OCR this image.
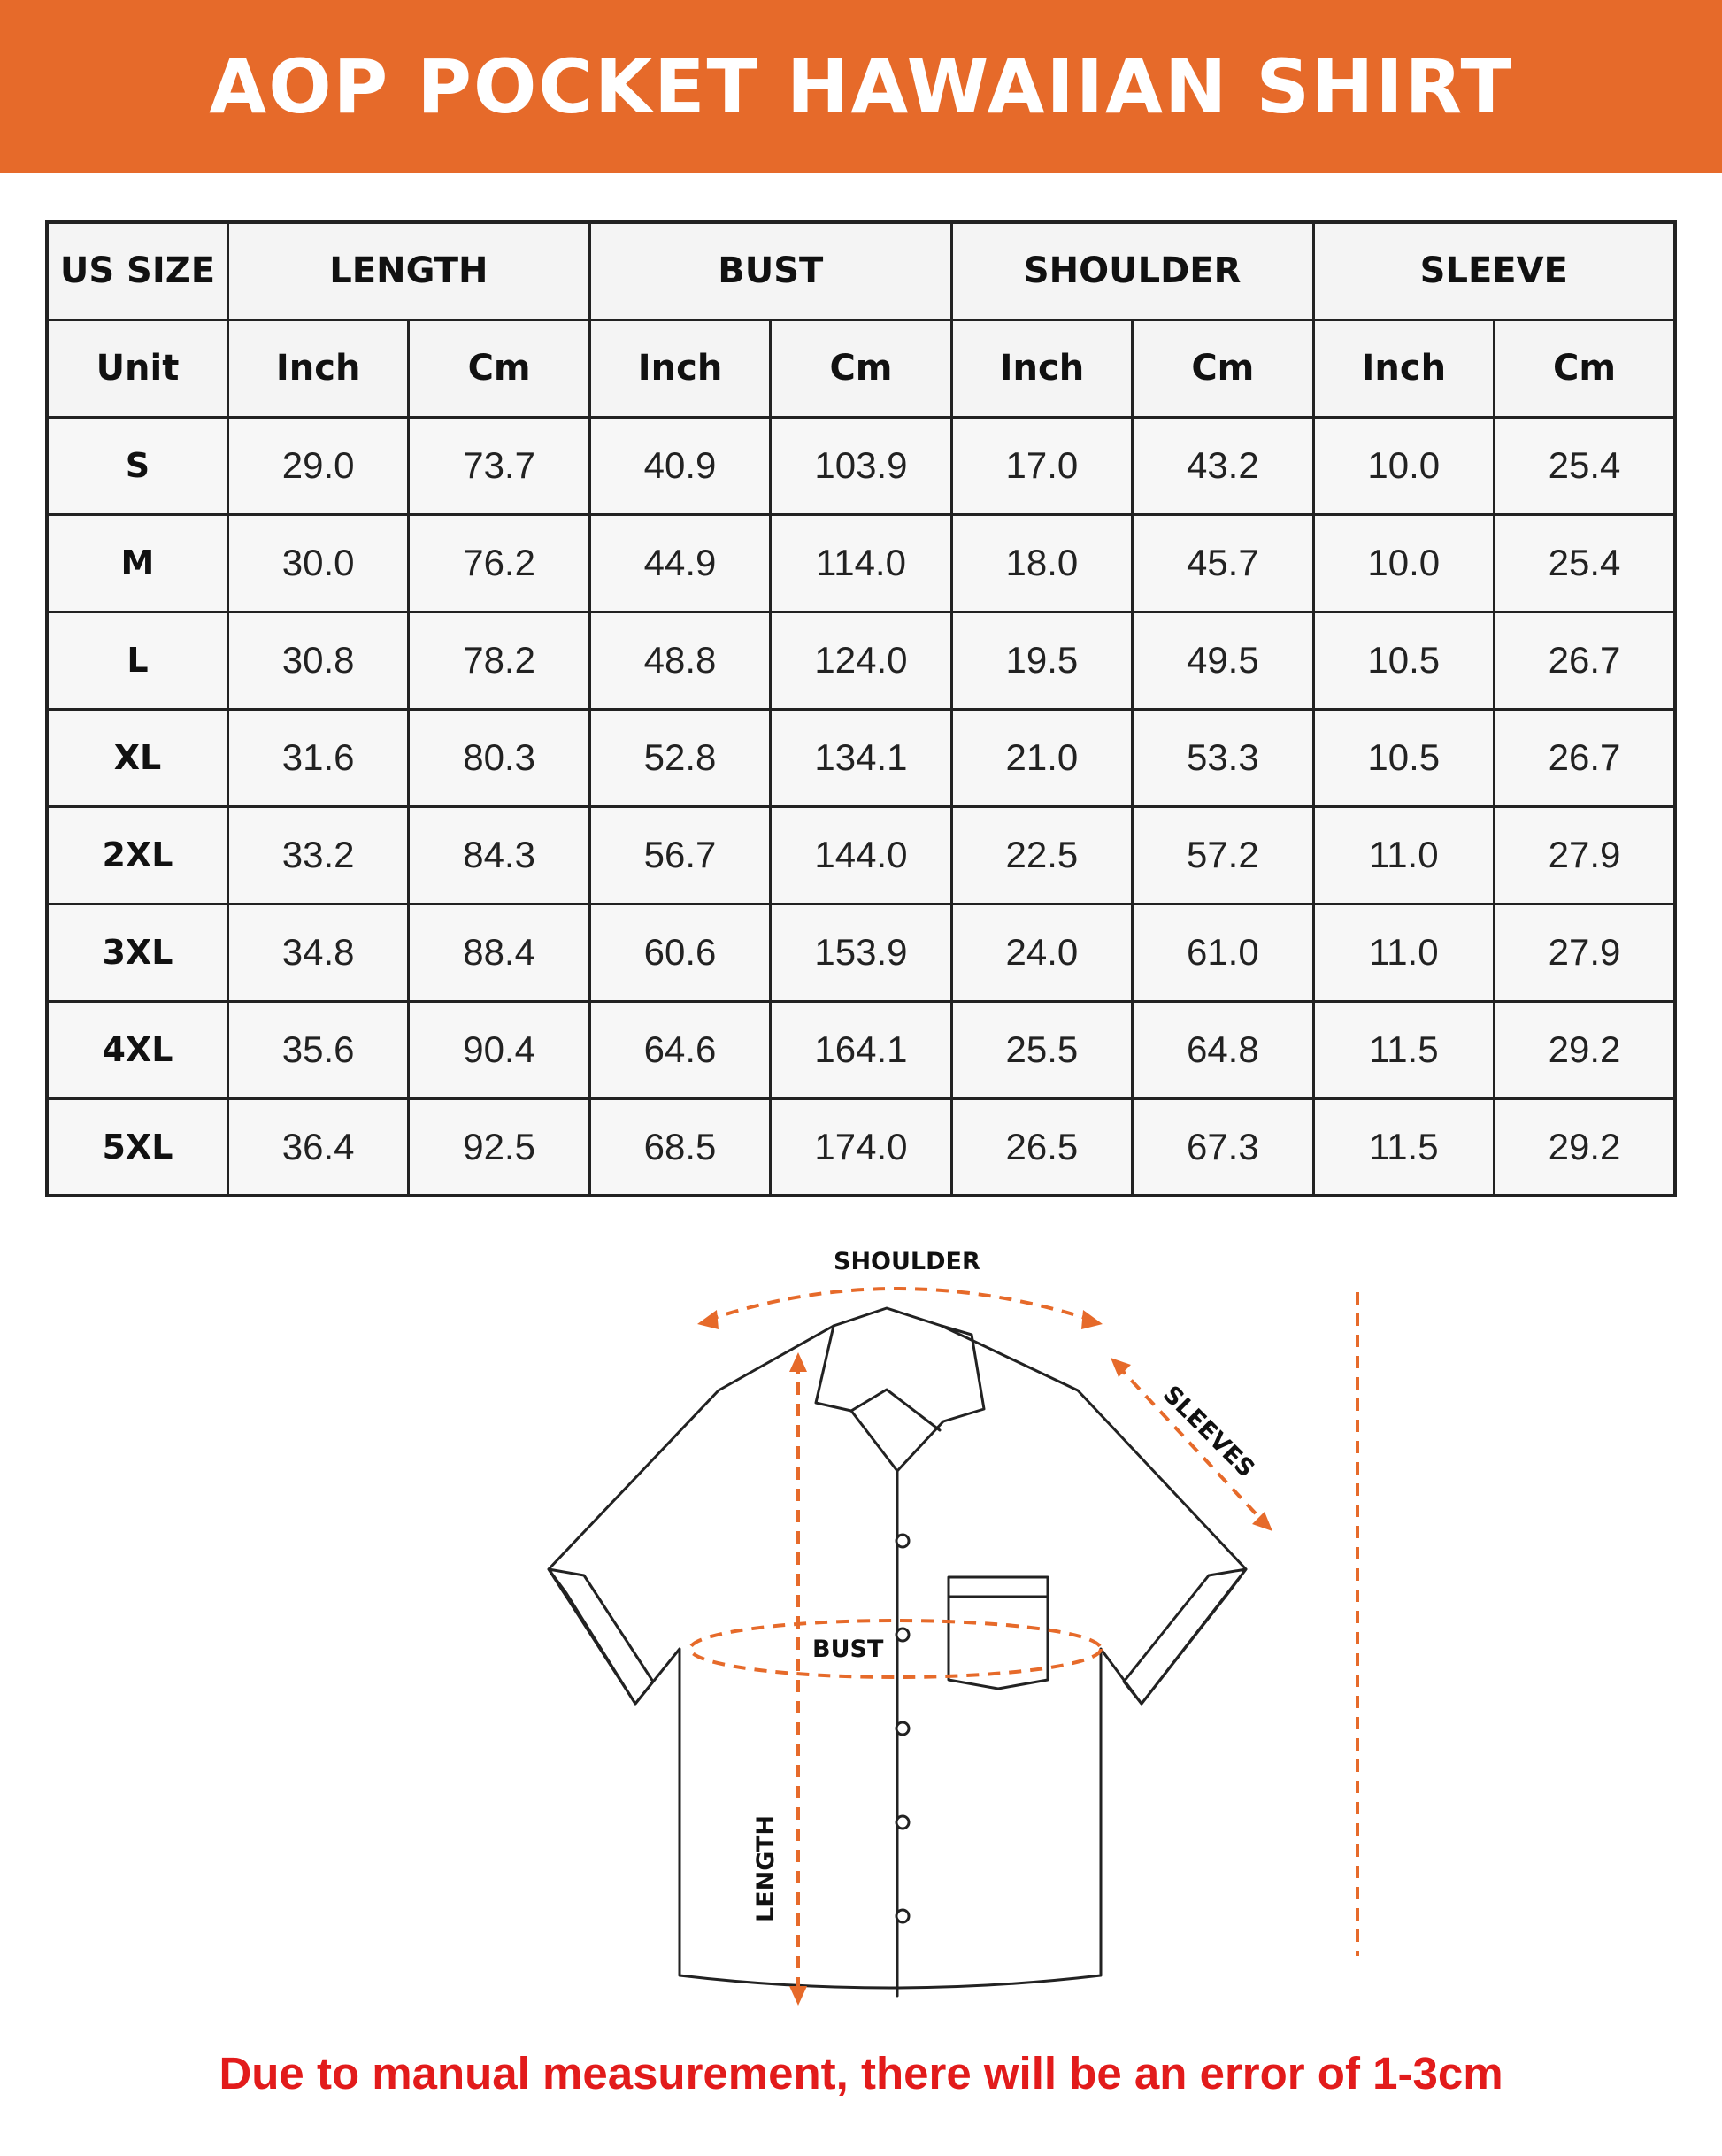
AOP POCKET HAWAIIAN SHIRT
US SIZE	LENGTH		BUST		SHOULDER		SLEEVE	
Unit	Inch	Cm	Inch	Cm	Inch	Cm	Inch	Cm
S	29.0	73.7	40.9	103.9	17.0	43.2	10.0	25.4
M	30.0	76.2	44.9	114.0	18.0	45.7	10.0	25.4
L	30.8	78.2	48.8	124.0	19.5	49.5	10.5	26.7
XL	31.6	80.3	52.8	134.1	21.0	53.3	10.5	26.7
2XL	33.2	84.3	56.7	144.0	22.5	57.2	11.0	27.9
3XL	34.8	88.4	60.6	153.9	24.0	61.0	11.0	27.9
4XL	35.6	90.4	64.6	164.1	25.5	64.8	11.5	29.2
5XL	36.4	92.5	68.5	174.0	26.5	67.3	11.5	29.2
SHOULDER
SLEEVES
BUST
LENGTH
Due to manual measurement, there will be an error of 1-3cm
